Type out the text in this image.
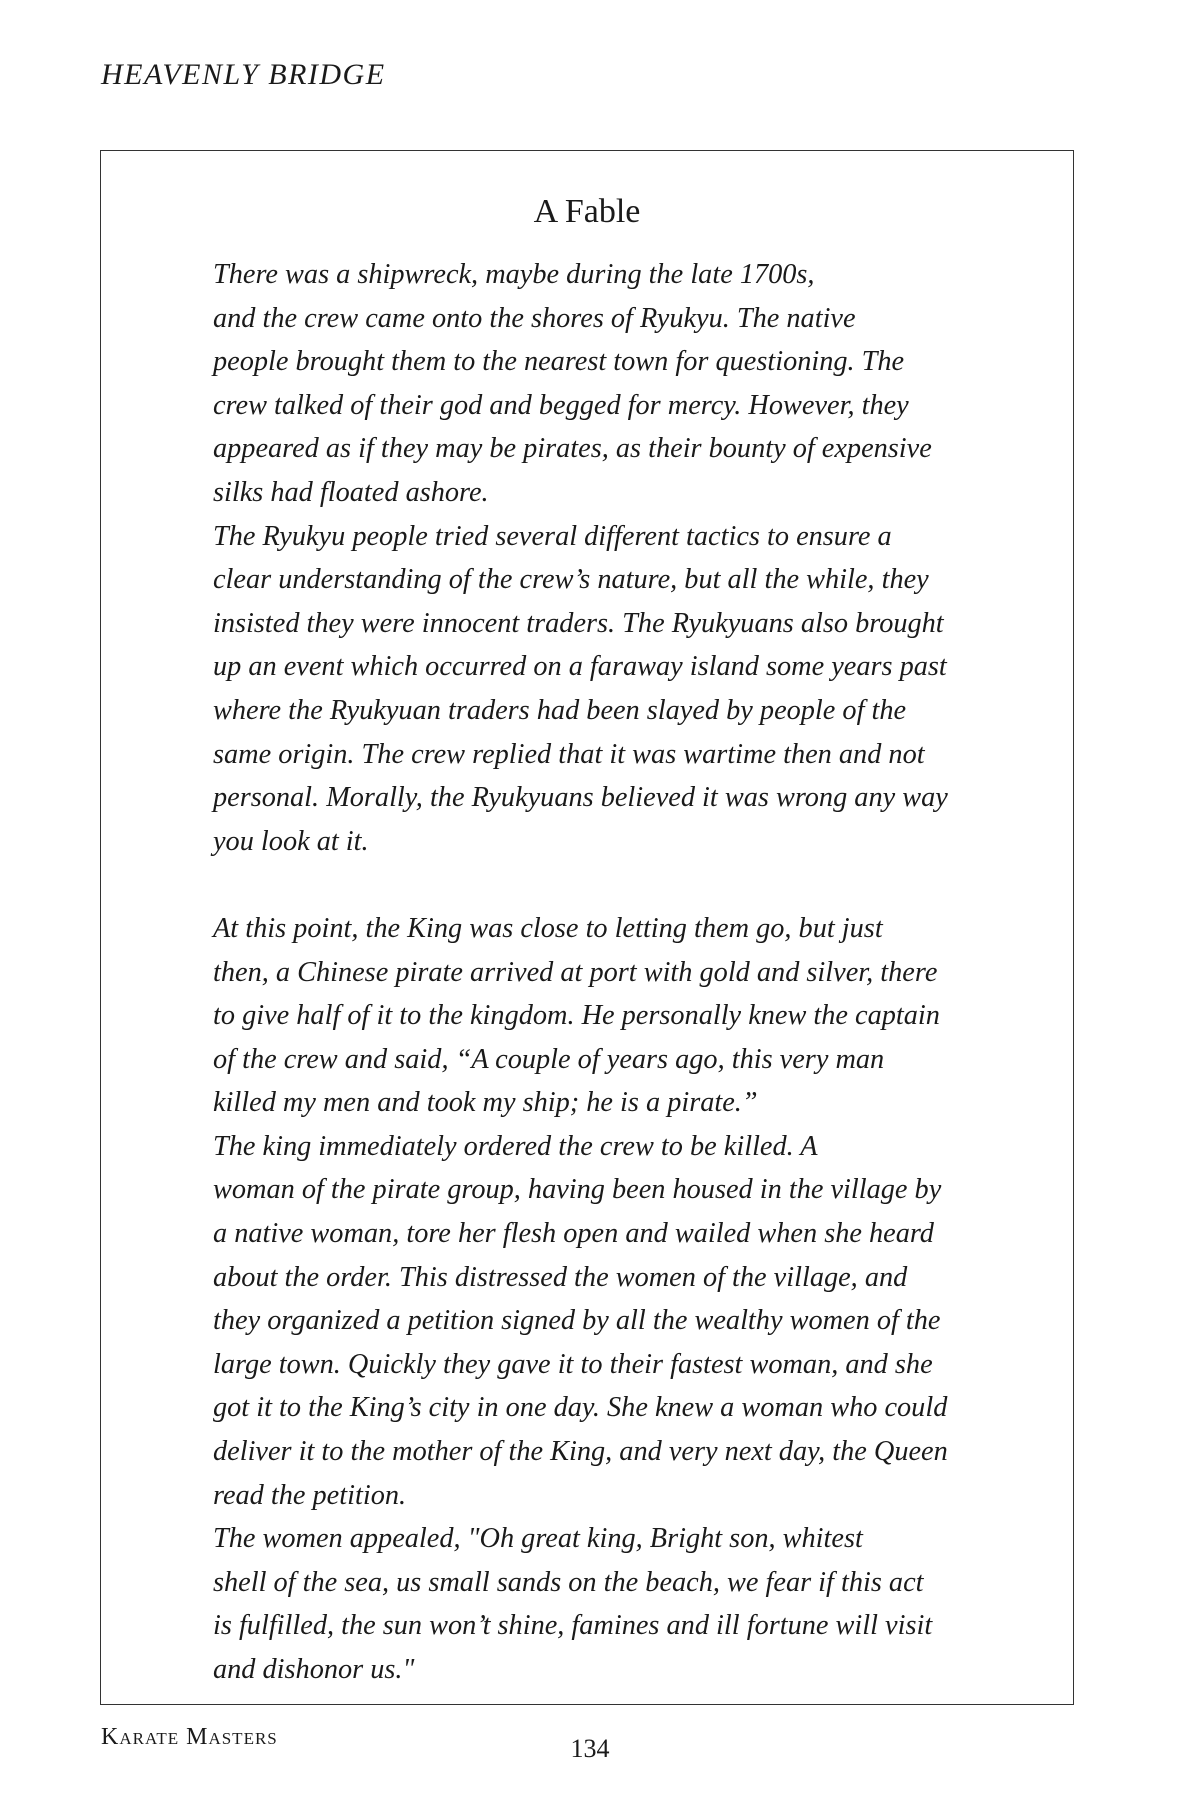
HEAVENLY BRIDGE
A Fable

There was a shipwreck, maybe during the late 1700s,
and the crew came onto the shores of Ryukyu. The native
people brought them to the nearest town for questioning. The
crew talked of their god and begged for mercy. However, they
appeared as if they may be pirates, as their bounty of expensive
silks had floated ashore.

The Ryukyu people tried several different tactics to ensure a
clear understanding of the crew’s nature, but all the while, they
insisted they were innocent traders. The Ryukyuans also brought
up an event which occurred on a faraway island some years past
where the Ryukyuan traders had been slayed by people of the
same origin. The crew replied that it was wartime then and not
personal. Morally, the Ryukyuans believed it was wrong any way
you look at it.

At this point, the King was close to letting them go, but just
then, a Chinese pirate arrived at port with gold and silver, there
to give half of it to the kingdom. He personally knew the captain
of the crew and said, “A couple of years ago, this very man
killed my men and took my ship; he is a pirate.”

The king immediately ordered the crew to be killed. A
woman of the pirate group, having been housed in the village by
a native woman, tore her flesh open and wailed when she heard
about the order. This distressed the women of the village, and
they organized a petition signed by all the wealthy women of the
large town. Quickly they gave it to their fastest woman, and she
got it to the King’s city in one day. She knew a woman who could
deliver it to the mother of the King, and very next day, the Queen
read the petition.

The women appealed, "Oh great king, Bright son, whitest
shell of the sea, us small sands on the beach, we fear if this act
is fulfilled, the sun won’t shine, famines and ill fortune will visit
and dishonor us."

Karate Masters	134
